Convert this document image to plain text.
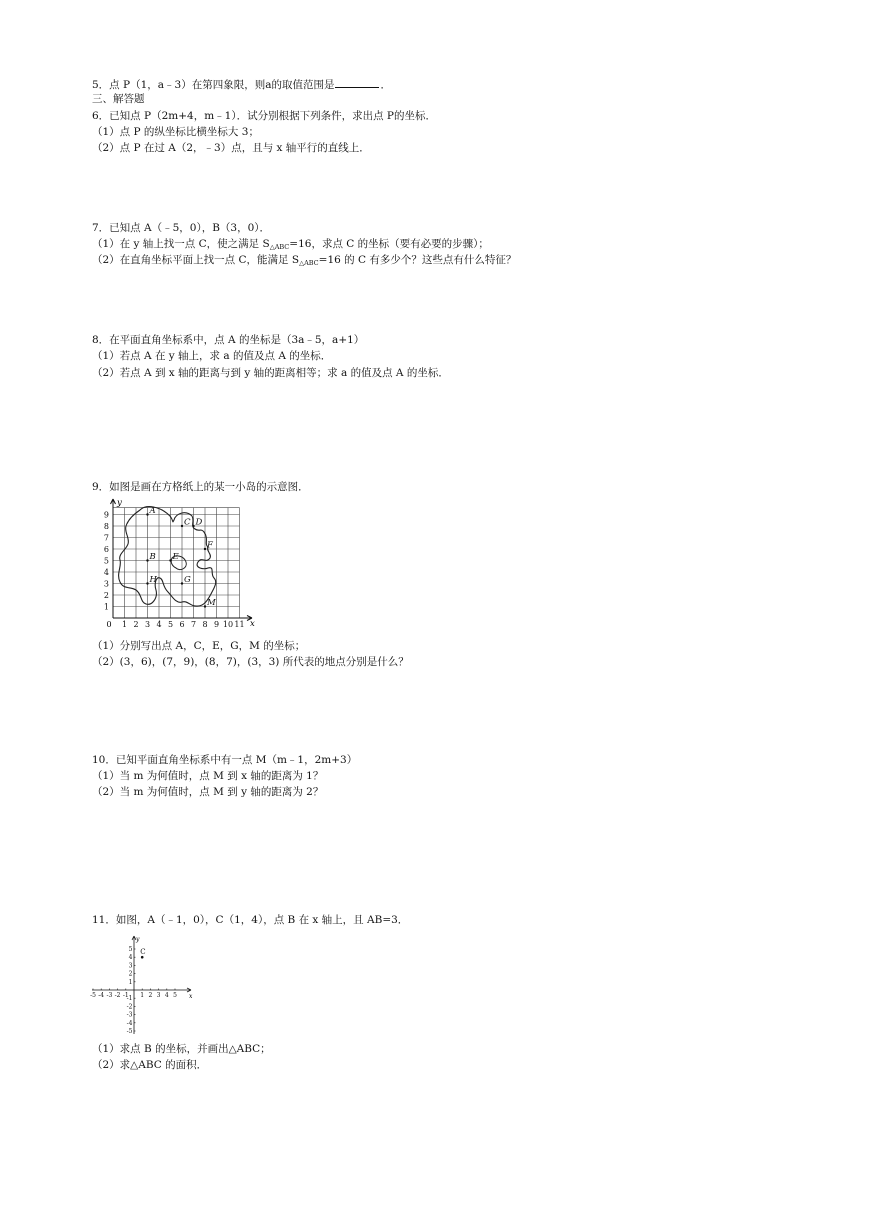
5．点 P（1，a﹣3）在第四象限，则a的取值范围是	．
三、解答题
6．已知点 P（2m+4，m﹣1）．试分别根据下列条件，求出点 P的坐标．
（1）点 P 的纵坐标比横坐标大 3；
（2）点 P 在过 A（2，﹣3）点，且与 x 轴平行的直线上．
7．已知点 A（﹣5，0），B（3，0）．
（1）在 y 轴上找一点 C，使之满足 $S_{\triangle ABC}=16$，求点 C 的坐标（要有必要的步骤）；
（2）在直角坐标平面上找一点 C，能满足 $S_{\triangle ABC}=16$ 的 C 有多少个？这些点有什么特征？
8．在平面直角坐标系中，点 A 的坐标是（3a﹣5，a+1）
（1）若点 A 在 y 轴上，求 a 的值及点 A 的坐标．
（2）若点 A 到 x 轴的距离与到 y 轴的距离相等；求 a 的值及点 A 的坐标．
9．如图是画在方格纸上的某一小岛的示意图．
A
C D
F
B E
H	G
M
1 2 3 4 5 6 7 8 9 10 11
1
2
3
4
5
6
7
8
9
0	x
y
（1）分别写出点 A，C，E，G，M 的坐标；
（2）(3，6)，(7，9)，(8，7)，(3，3) 所代表的地点分别是什么？
10．已知平面直角坐标系中有一点 M（m﹣1，2m+3）
（1）当 m 为何值时，点 M 到 x 轴的距离为 1？
（2）当 m 为何值时，点 M 到 y 轴的距离为 2？
11．如图，A（﹣1，0），C（1，4），点 B 在 x 轴上，且 AB=3．
-5 -4 -3 -2 -1 1 2 3 4 5
5
4
3
2
1
-1
-2
-3
-4
-5
C
x
y
（1）求点 B 的坐标，并画出△ABC；
（2）求△ABC 的面积．
